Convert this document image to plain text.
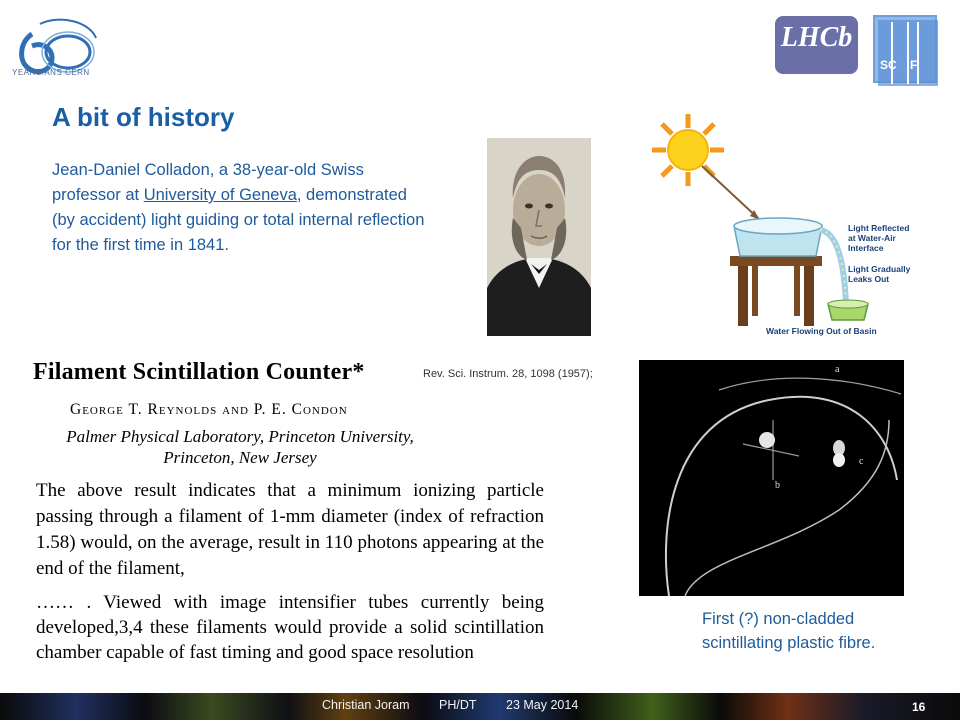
YEARS/ANS CERN
LHCb
SC F
A bit of history
Jean-Daniel Colladon, a 38-year-old Swiss professor at University of Geneva, demonstrated (by accident) light guiding or total internal reflection for the first time in 1841.
Light Reflected at Water-Air Interface Light Gradually Leaks Out Water Flowing Out of Basin
Rev. Sci. Instrum. 28, 1098 (1957);
Filament Scintillation Counter*
George T. Reynolds and P. E. Condon
Palmer Physical Laboratory, Princeton University, Princeton, New Jersey
The above result indicates that a minimum ionizing particle passing through a filament of 1-mm diameter (index of refraction 1.58) would, on the average, result in 110 photons appearing at the end of the filament,
…… . Viewed with image intensifier tubes currently being developed,3,4 these filaments would provide a solid scintillation chamber capable of fast timing and good space resolution
a
b
c
First (?) non-cladded scintillating plastic fibre.
Christian Joram PH/DT 23 May 2014	16
